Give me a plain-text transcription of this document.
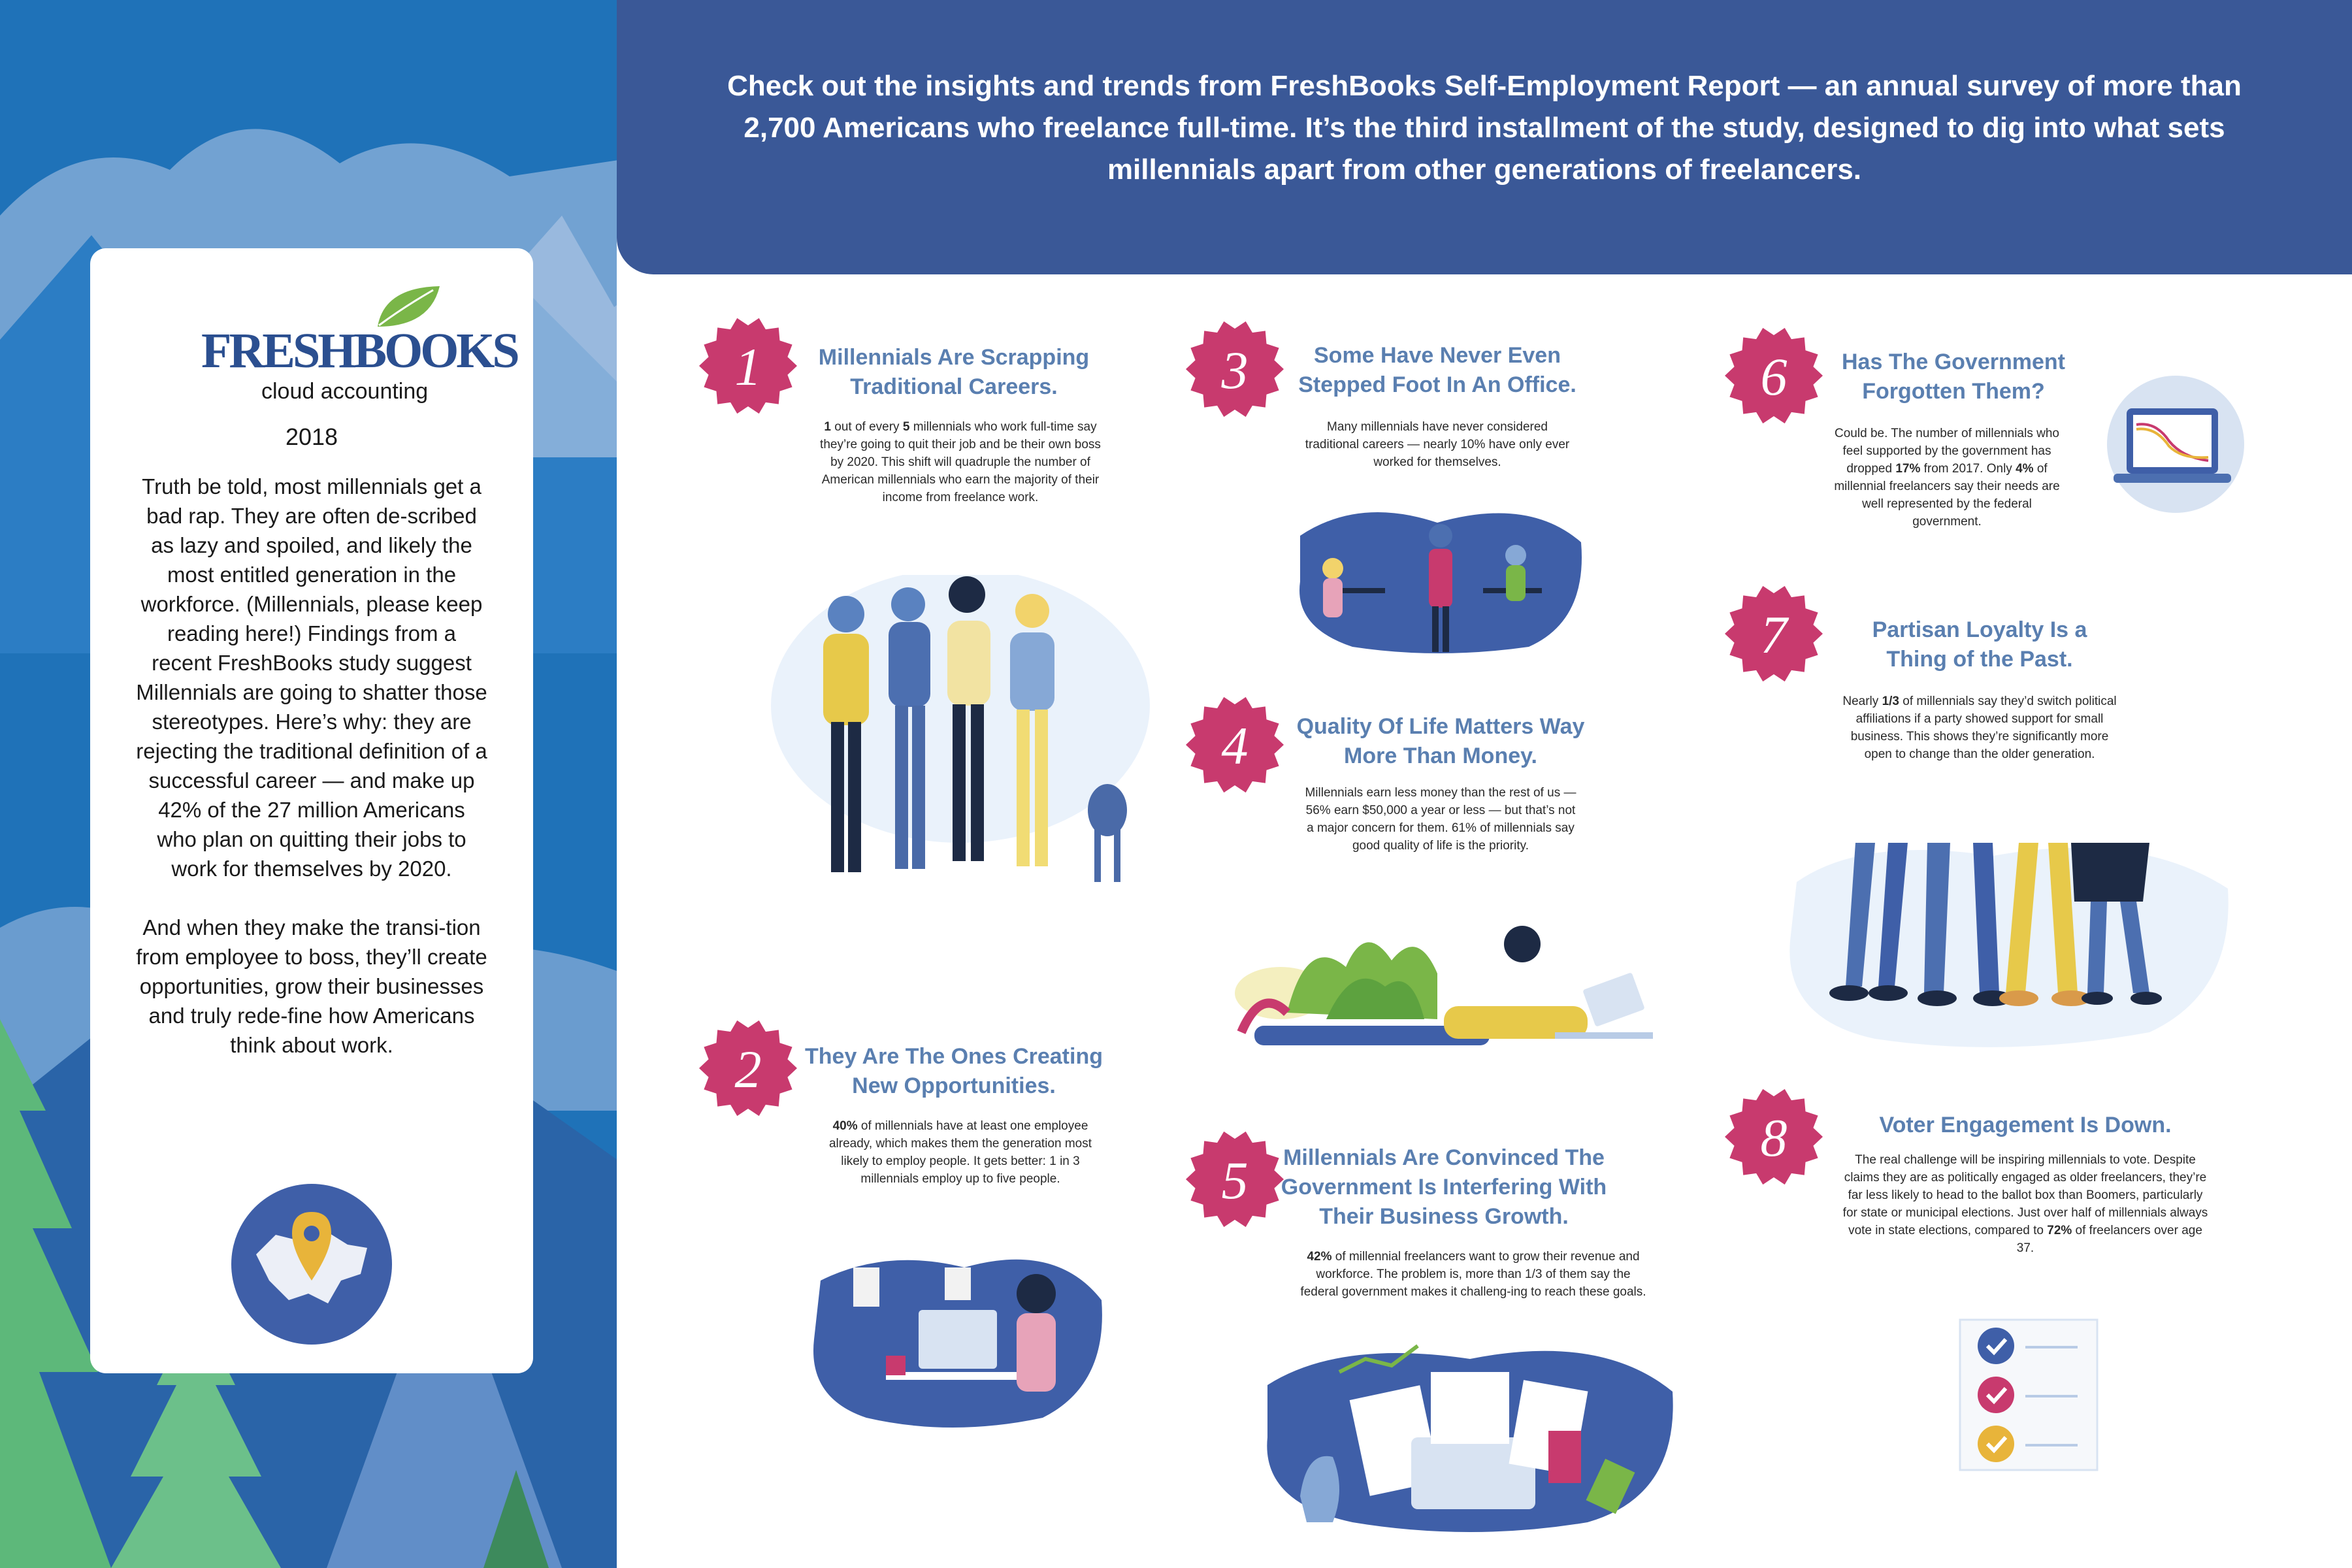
Check out the insights and trends from FreshBooks Self-Employment Report — an annual survey of more than 2,700 Americans who freelance full-time. It’s the third installment of the study, designed to dig into what sets millennials apart from other generations of freelancers.
FRESHBOOKS
cloud accounting
2018
Truth be told, most millennials get a bad rap. They are often de-scribed as lazy and spoiled, and likely the most entitled generation in the workforce. (Millennials, please keep reading here!) Findings from a recent FreshBooks study suggest Millennials are going to shatter those stereotypes. Here’s why: they are rejecting the traditional definition of a successful career — and make up 42% of the 27 million Americans who plan on quitting their jobs to work for themselves by 2020.

And when they make the transi-tion from employee to boss, they’ll create opportunities, grow their businesses and truly rede-fine how Americans think about work.
1	Millennials Are Scrapping
Traditional Careers.
1 out of every 5 millennials who work full-time say they’re going to quit their job and be their own boss by 2020. This shift will quadruple the number of American millennials who earn the majority of their income from freelance work.
2	They Are The Ones Creating
New Opportunities.
40% of millennials have at least one employee already, which makes them the generation most likely to employ people. It gets better: 1 in 3 millennials employ up to five people.
3	Some Have Never Even
Stepped Foot In An Office.
Many millennials have never considered traditional careers — nearly 10% have only ever worked for themselves.
4	Quality Of Life Matters Way
More Than Money.
Millennials earn less money than the rest of us — 56% earn $50,000 a year or less — but that’s not a major concern for them. 61% of millennials say good quality of life is the priority.
5	Millennials Are Convinced The
Government Is Interfering With
Their Business Growth.
42% of millennial freelancers want to grow their revenue and workforce. The problem is, more than 1/3 of them say the federal government makes it challeng-ing to reach these goals.
6	Has The Government
Forgotten Them?
Could be. The number of millennials who feel supported by the government has dropped 17% from 2017. Only 4% of millennial freelancers say their needs are well represented by the federal government.
7	Partisan Loyalty Is a
Thing of the Past.
Nearly 1/3 of millennials say they’d switch political affiliations if a party showed support for small business. This shows they’re significantly more open to change than the older generation.
8	Voter Engagement Is Down.
The real challenge will be inspiring millennials to vote. Despite claims they are as politically engaged as older freelancers, they’re far less likely to head to the ballot box than Boomers, particularly for state or municipal elections. Just over half of millennials always vote in state elections, compared to 72% of freelancers over age 37.
